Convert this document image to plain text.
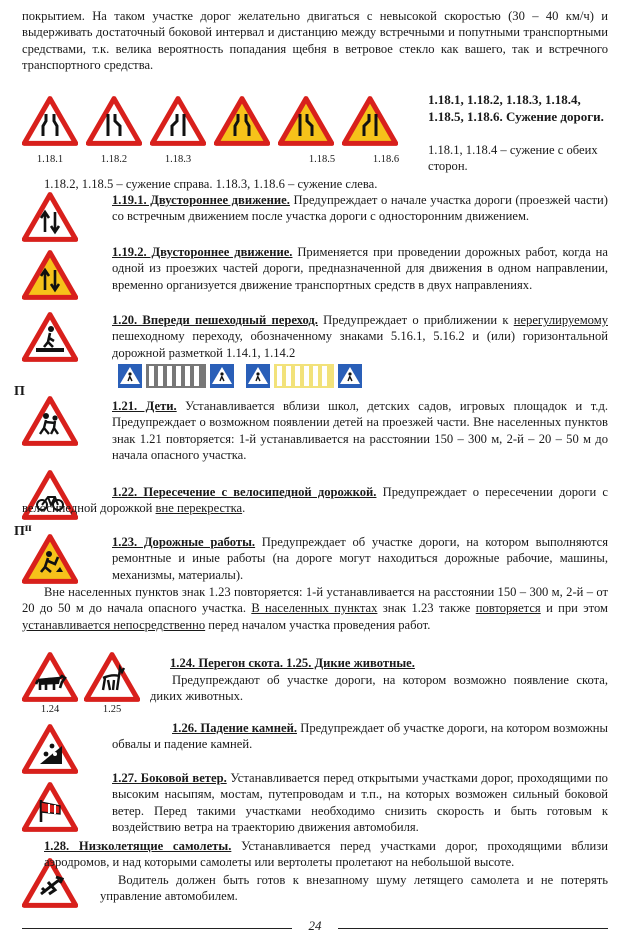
покрытием. На таком участке дорог желательно двигаться с невысокой скоростью (30 – 40 км/ч) и выдерживать достаточный боковой интервал и дистанцию между встречными и попутными транспортными средствами, т.к. велика вероятность попадания щебня в ветровое стекло как вашего, так и встречного транспортного средства.
1.18.1	1.18.2	1.18.3	1.18.5	1.18.6
1.18.1, 1.18.2, 1.18.3, 1.18.4, 1.18.5, 1.18.6. Сужение дороги.
1.18.1, 1.18.4 – сужение с обеих сторон.
1.18.2, 1.18.5 – сужение справа. 1.18.3, 1.18.6 – сужение слева.
1.19.1. Двустороннее движение. Предупреждает о начале участка дороги (проезжей части) со встречным движением после участка дороги с односторонним движением.
1.19.2. Двустороннее движение. Применяется при проведении дорожных работ, когда на одной из проезжих частей дороги, предназначенной для движения в одном направлении, временно организуется движение транспортных средств в двух направлениях.
1.20. Впереди пешеходный переход. Предупреждает о приближении к нерегулируемому пешеходному переходу, обозначенному знаками 5.16.1, 5.16.2 и (или) горизонтальной дорожной разметкой 1.14.1, 1.14.2
П
1.21. Дети. Устанавливается вблизи школ, детских садов, игровых площадок и т.д. Предупреждает о возможном появлении детей на проезжей части. Вне населенных пунктов знак 1.21 повторяется: 1-й устанавливается на расстоянии 150 – 300 м, 2-й – 20 – 50 м до начала опасного участка.
1.22. Пересечение с велосипедной дорожкой. Предупреждает о пересечении дороги с велосипедной дорожкой вне перекрестка.
Пᴵᴵ
1.23. Дорожные работы. Предупреждает об участке дороги, на котором выполняются ремонтные и иные работы (на дороге могут находиться дорожные рабочие, машины, механизмы, материалы).
Вне населенных пунктов знак 1.23 повторяется: 1-й устанавливается на расстоянии 150 – 300 м, 2-й – от 20 до 50 м до начала опасного участка. В населенных пунктах знак 1.23 также повторяется и при этом устанавливается непосредственно перед началом участка проведения работ.
1.24	1.25
1.24. Перегон скота. 1.25. Дикие животные.
Предупреждают об участке дороги, на котором возможно появление скота, диких животных.
1.26. Падение камней. Предупреждает об участке дороги, на котором возможны обвалы и падение камней.
1.27. Боковой ветер. Устанавливается перед открытыми участками дорог, проходящими по высоким насыпям, мостам, путепроводам и т.п., на которых возможен сильный боковой ветер. Перед такими участками необходимо снизить скорость и быть готовым к воздействию ветра на траекторию движения автомобиля.
1.28. Низколетящие самолеты. Устанавливается перед участками дорог, проходящими вблизи аэродромов, и над которыми самолеты или вертолеты пролетают на небольшой высоте.
Водитель должен быть готов к внезапному шуму летящего самолета и не потерять управление автомобилем.
24
